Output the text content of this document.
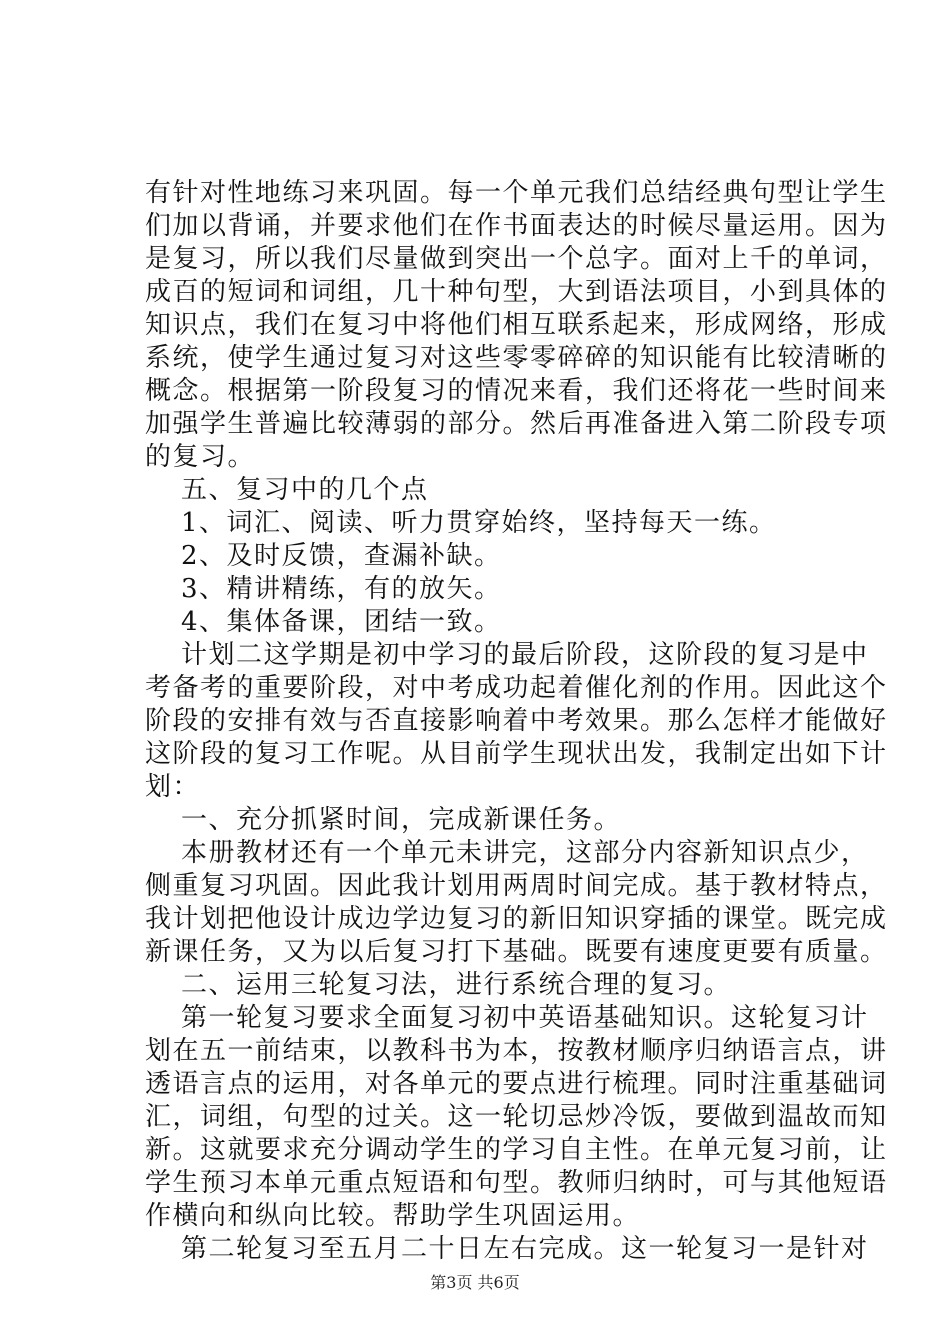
有针对性地练习来巩固。每一个单元我们总结经典句型让学生
们加以背诵，并要求他们在作书面表达的时候尽量运用。因为
是复习，所以我们尽量做到突出一个总字。面对上千的单词，
成百的短词和词组，几十种句型，大到语法项目，小到具体的
知识点，我们在复习中将他们相互联系起来，形成网络，形成
系统，使学生通过复习对这些零零碎碎的知识能有比较清晰的
概念。根据第一阶段复习的情况来看，我们还将花一些时间来
加强学生普遍比较薄弱的部分。然后再准备进入第二阶段专项
的复习。
五、复习中的几个点
1、词汇、阅读、听力贯穿始终，坚持每天一练。
2、及时反馈，查漏补缺。
3、精讲精练，有的放矢。
4、集体备课，团结一致。
计划二这学期是初中学习的最后阶段，这阶段的复习是中
考备考的重要阶段，对中考成功起着催化剂的作用。因此这个
阶段的安排有效与否直接影响着中考效果。那么怎样才能做好
这阶段的复习工作呢。从目前学生现状出发，我制定出如下计
划：
一、充分抓紧时间，完成新课任务。
本册教材还有一个单元未讲完，这部分内容新知识点少，
侧重复习巩固。因此我计划用两周时间完成。基于教材特点，
我计划把他设计成边学边复习的新旧知识穿插的课堂。既完成
新课任务，又为以后复习打下基础。既要有速度更要有质量。
二、运用三轮复习法，进行系统合理的复习。
第一轮复习要求全面复习初中英语基础知识。这轮复习计
划在五一前结束，以教科书为本，按教材顺序归纳语言点，讲
透语言点的运用，对各单元的要点进行梳理。同时注重基础词
汇，词组，句型的过关。这一轮切忌炒冷饭，要做到温故而知
新。这就要求充分调动学生的学习自主性。在单元复习前，让
学生预习本单元重点短语和句型。教师归纳时，可与其他短语
作横向和纵向比较。帮助学生巩固运用。
第二轮复习至五月二十日左右完成。这一轮复习一是针对
第3页 共6页
